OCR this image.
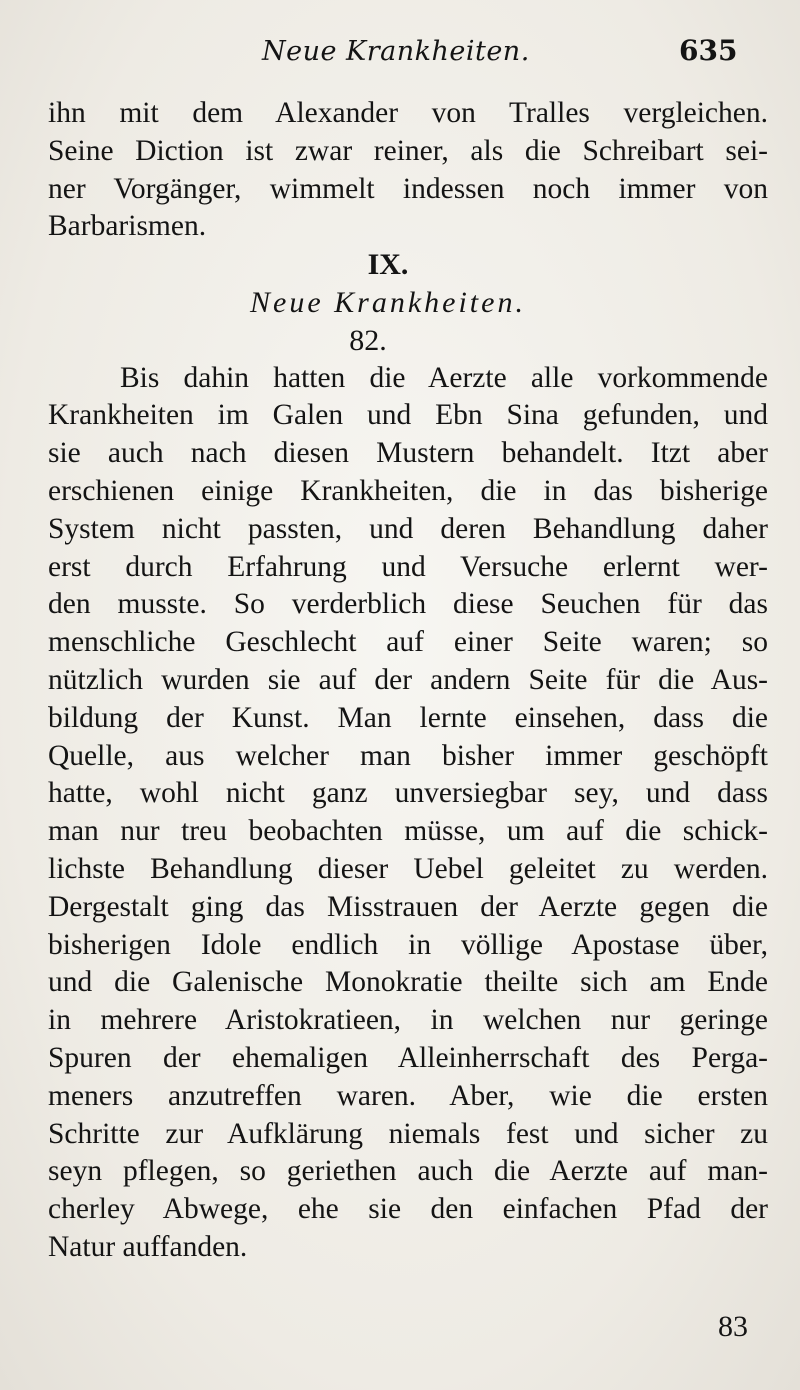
Neue Krankheiten.	635
ihn mit dem Alexander von Tralles vergleichen.
Seine Diction ist zwar reiner, als die Schreibart sei-
ner Vorgänger, wimmelt indessen noch immer von
Barbarismen.
IX.
Neue Krankheiten.
82.
Bis dahin hatten die Aerzte alle vorkommende
Krankheiten im Galen und Ebn Sina gefunden, und
sie auch nach diesen Mustern behandelt. Itzt aber
erschienen einige Krankheiten, die in das bisherige
System nicht passten, und deren Behandlung daher
erst durch Erfahrung und Versuche erlernt wer-
den musste. So verderblich diese Seuchen für das
menschliche Geschlecht auf einer Seite waren; so
nützlich wurden sie auf der andern Seite für die Aus-
bildung der Kunst. Man lernte einsehen, dass die
Quelle, aus welcher man bisher immer geschöpft
hatte, wohl nicht ganz unversiegbar sey, und dass
man nur treu beobachten müsse, um auf die schick-
lichste Behandlung dieser Uebel geleitet zu werden.
Dergestalt ging das Misstrauen der Aerzte gegen die
bisherigen Idole endlich in völlige Apostase über,
und die Galenische Monokratie theilte sich am Ende
in mehrere Aristokratieen, in welchen nur geringe
Spuren der ehemaligen Alleinherrschaft des Perga-
meners anzutreffen waren. Aber, wie die ersten
Schritte zur Aufklärung niemals fest und sicher zu
seyn pflegen, so geriethen auch die Aerzte auf man-
cherley Abwege, ehe sie den einfachen Pfad der
Natur auffanden.
83
